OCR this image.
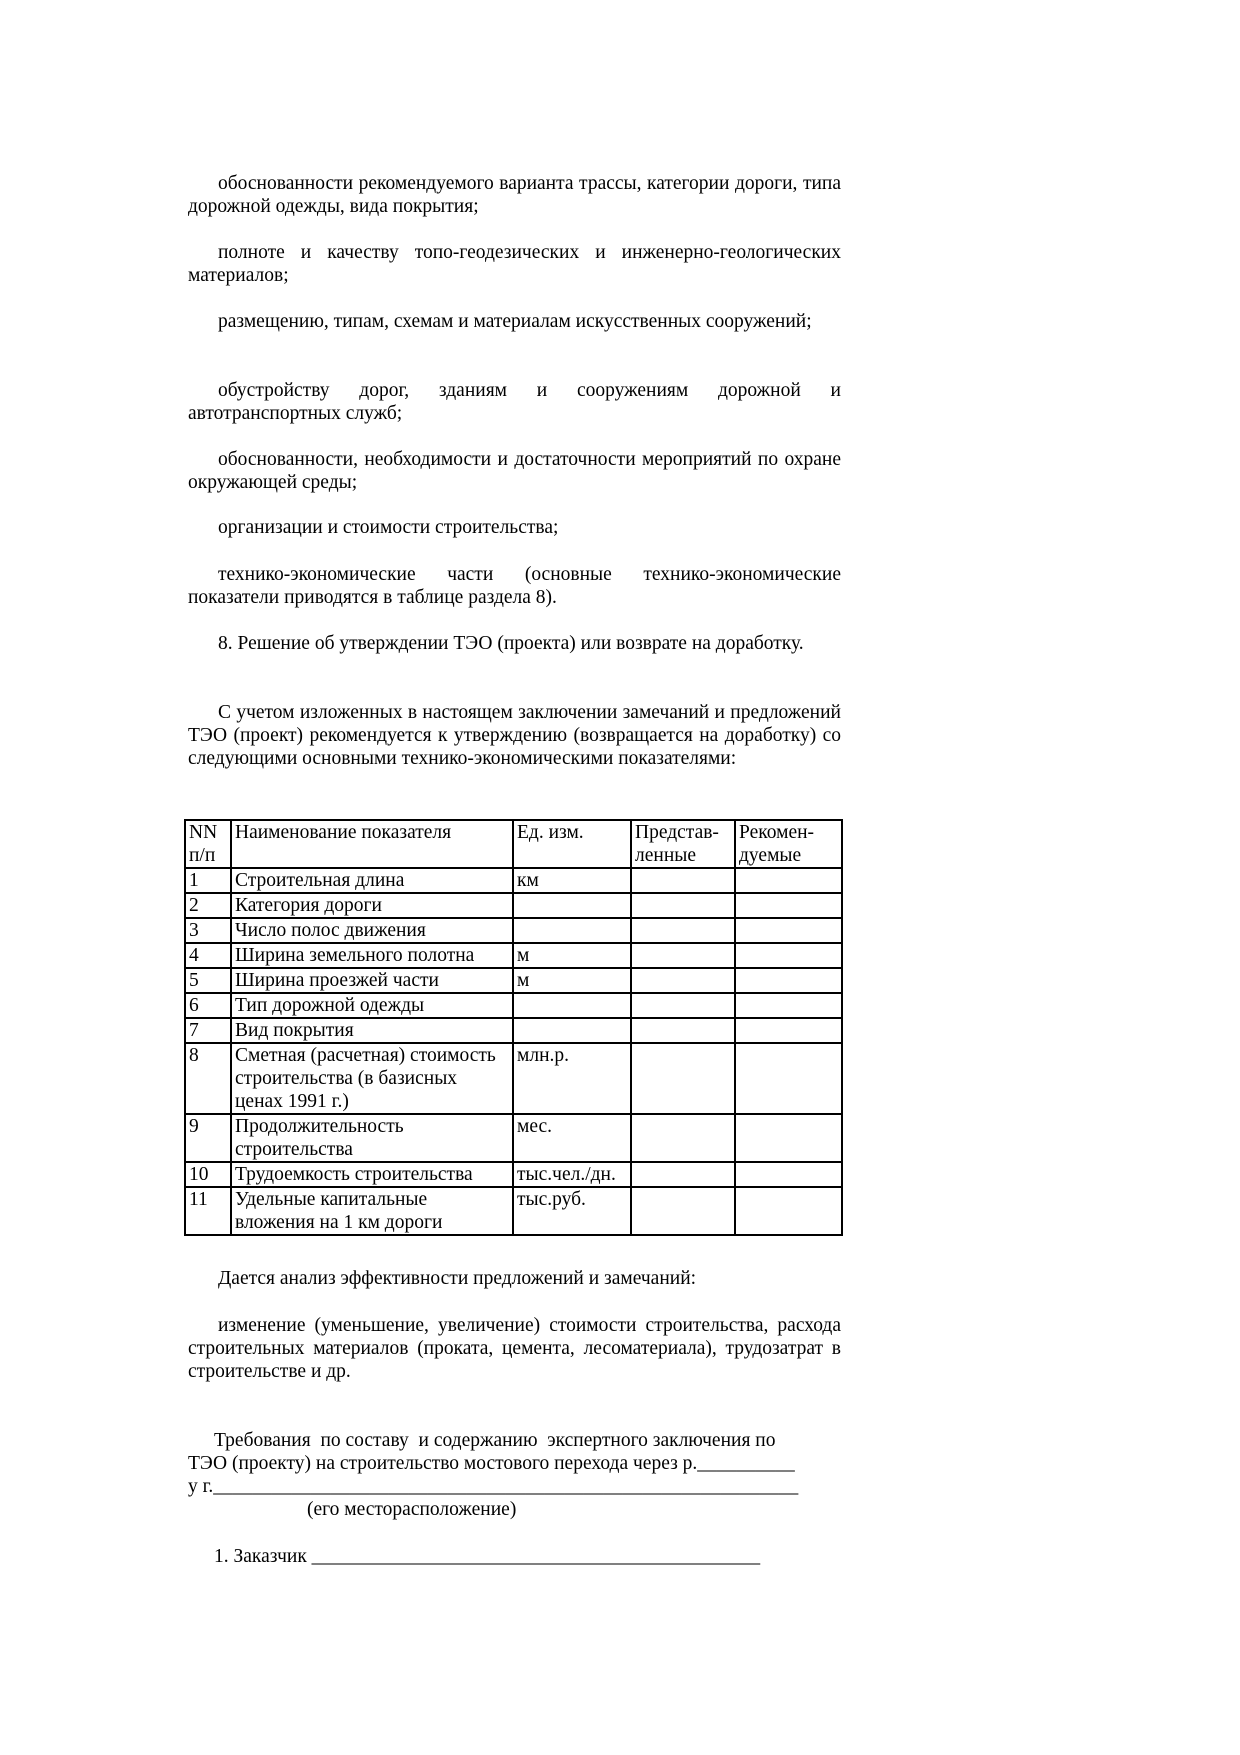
обоснованности рекомендуемого варианта трассы, категории дороги, типа дорожной одежды, вида покрытия;

полноте и качеству топо-геодезических и инженерно-геологических материалов;

размещению, типам, схемам и материалам искусственных сооружений;

обустройству дорог, зданиям и сооружениям дорожной и автотранспортных служб;

обоснованности, необходимости и достаточности мероприятий по охране окружающей среды;

организации и стоимости строительства;

технико-экономические части (основные технико-экономические показатели приводятся в таблице раздела 8).

8. Решение об утверждении ТЭО (проекта) или возврате на доработку.

С учетом изложенных в настоящем заключении замечаний и предложений ТЭО (проект) рекомендуется к утверждению (возвращается на доработку) со следующими основными технико-экономическими показателями:

NN п/п	Наименование показателя	Ед. изм.	Представ- ленные	Рекомен- дуемые
1	Строительная длина	км		
2	Категория дороги			
3	Число полос движения			
4	Ширина земельного полотна	м		
5	Ширина проезжей части	м		
6	Тип дорожной одежды			
7	Вид покрытия			
8	Сметная (расчетная) стоимость строительства (в базисных ценах 1991 г.)	млн.р.		
9	Продолжительность строительства	мес.		
10	Трудоемкость строительства	тыс.чел./дн.		
11	Удельные капитальные вложения на 1 км дороги	тыс.руб.		

Дается анализ эффективности предложений и замечаний:

изменение (уменьшение, увеличение) стоимости строительства, расхода строительных материалов (проката, цемента, лесоматериала), трудозатрат в строительстве и др.

Требования  по составу  и содержанию  экспертного заключения по

ТЭО (проекту) на строительство мостового перехода через р.__________

у г.____________________________________________________________

(его месторасположение)

1. Заказчик ______________________________________________
